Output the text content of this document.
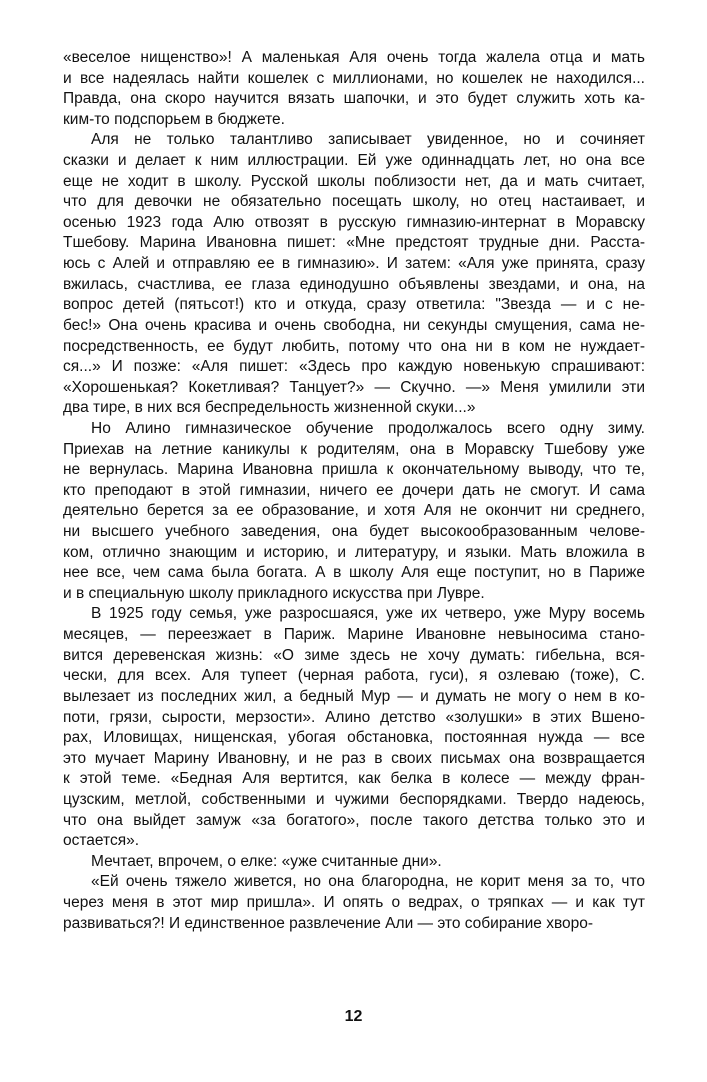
«веселое нищенство»! А маленькая Аля очень тогда жалела отца и мать
и все надеялась найти кошелек с миллионами, но кошелек не находился...
Правда, она скоро научится вязать шапочки, и это будет служить хоть ка-
ким-то подспорьем в бюджете.
Аля не только талантливо записывает увиденное, но и сочиняет
сказки и делает к ним иллюстрации. Ей уже одиннадцать лет, но она все
еще не ходит в школу. Русской школы поблизости нет, да и мать считает,
что для девочки не обязательно посещать школу, но отец настаивает, и
осенью 1923 года Алю отвозят в русскую гимназию-интернат в Моравску
Тшебову. Марина Ивановна пишет: «Мне предстоят трудные дни. Расста-
юсь с Алей и отправляю ее в гимназию». И затем: «Аля уже принята, сразу
вжилась, счастлива, ее глаза единодушно объявлены звездами, и она, на
вопрос детей (пятьсот!) кто и откуда, сразу ответила: "Звезда — и с не-
бес!» Она очень красива и очень свободна, ни секунды смущения, сама не-
посредственность, ее будут любить, потому что она ни в ком не нуждает-
ся...» И позже: «Аля пишет: «Здесь про каждую новенькую спрашивают:
«Хорошенькая? Кокетливая? Танцует?» — Скучно. —» Меня умилили эти
два тире, в них вся беспредельность жизненной скуки...»
Но Алино гимназическое обучение продолжалось всего одну зиму.
Приехав на летние каникулы к родителям, она в Моравску Тшебову уже
не вернулась. Марина Ивановна пришла к окончательному выводу, что те,
кто преподают в этой гимназии, ничего ее дочери дать не смогут. И сама
деятельно берется за ее образование, и хотя Аля не окончит ни среднего,
ни высшего учебного заведения, она будет высокообразованным челове-
ком, отлично знающим и историю, и литературу, и языки. Мать вложила в
нее все, чем сама была богата. А в школу Аля еще поступит, но в Париже
и в специальную школу прикладного искусства при Лувре.
В 1925 году семья, уже разросшаяся, уже их четверо, уже Муру восемь
месяцев, — переезжает в Париж. Марине Ивановне невыносима стано-
вится деревенская жизнь: «О зиме здесь не хочу думать: гибельна, вся-
чески, для всех. Аля тупеет (черная работа, гуси), я озлеваю (тоже), С.
вылезает из последних жил, а бедный Мур — и думать не могу о нем в ко-
поти, грязи, сырости, мерзости». Алино детство «золушки» в этих Вшено-
рах, Иловищах, нищенская, убогая обстановка, постоянная нужда — все
это мучает Марину Ивановну, и не раз в своих письмах она возвращается
к этой теме. «Бедная Аля вертится, как белка в колесе — между фран-
цузским, метлой, собственными и чужими беспорядками. Твердо надеюсь,
что она выйдет замуж «за богатого», после такого детства только это и
остается».
Мечтает, впрочем, о елке: «уже считанные дни».
«Ей очень тяжело живется, но она благородна, не корит меня за то, что
через меня в этот мир пришла». И опять о ведрах, о тряпках — и как тут
развиваться?! И единственное развлечение Али — это собирание хворо-
12
